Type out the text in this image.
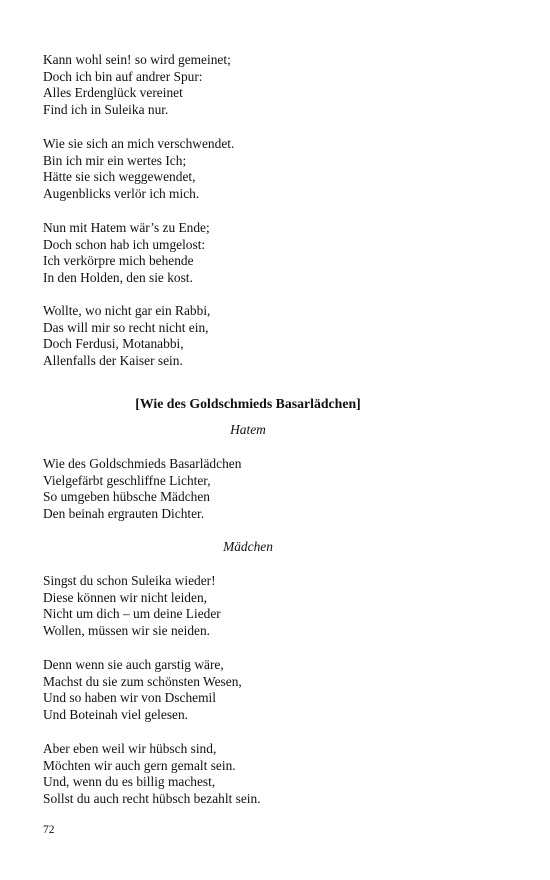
Kann wohl sein! so wird gemeinet;
Doch ich bin auf andrer Spur:
Alles Erdenglück vereinet
Find ich in Suleika nur.
Wie sie sich an mich verschwendet.
Bin ich mir ein wertes Ich;
Hätte sie sich weggewendet,
Augenblicks verlör ich mich.
Nun mit Hatem wär’s zu Ende;
Doch schon hab ich umgelost:
Ich verkörpre mich behende
In den Holden, den sie kost.
Wollte, wo nicht gar ein Rabbi,
Das will mir so recht nicht ein,
Doch Ferdusi, Motanabbi,
Allenfalls der Kaiser sein.
[Wie des Goldschmieds Basarlädchen]
Hatem
Wie des Goldschmieds Basarlädchen
Vielgefärbt geschliffne Lichter,
So umgeben hübsche Mädchen
Den beinah ergrauten Dichter.
Mädchen
Singst du schon Suleika wieder!
Diese können wir nicht leiden,
Nicht um dich – um deine Lieder
Wollen, müssen wir sie neiden.
Denn wenn sie auch garstig wäre,
Machst du sie zum schönsten Wesen,
Und so haben wir von Dschemil
Und Boteinah viel gelesen.
Aber eben weil wir hübsch sind,
Möchten wir auch gern gemalt sein.
Und, wenn du es billig machest,
Sollst du auch recht hübsch bezahlt sein.
72
